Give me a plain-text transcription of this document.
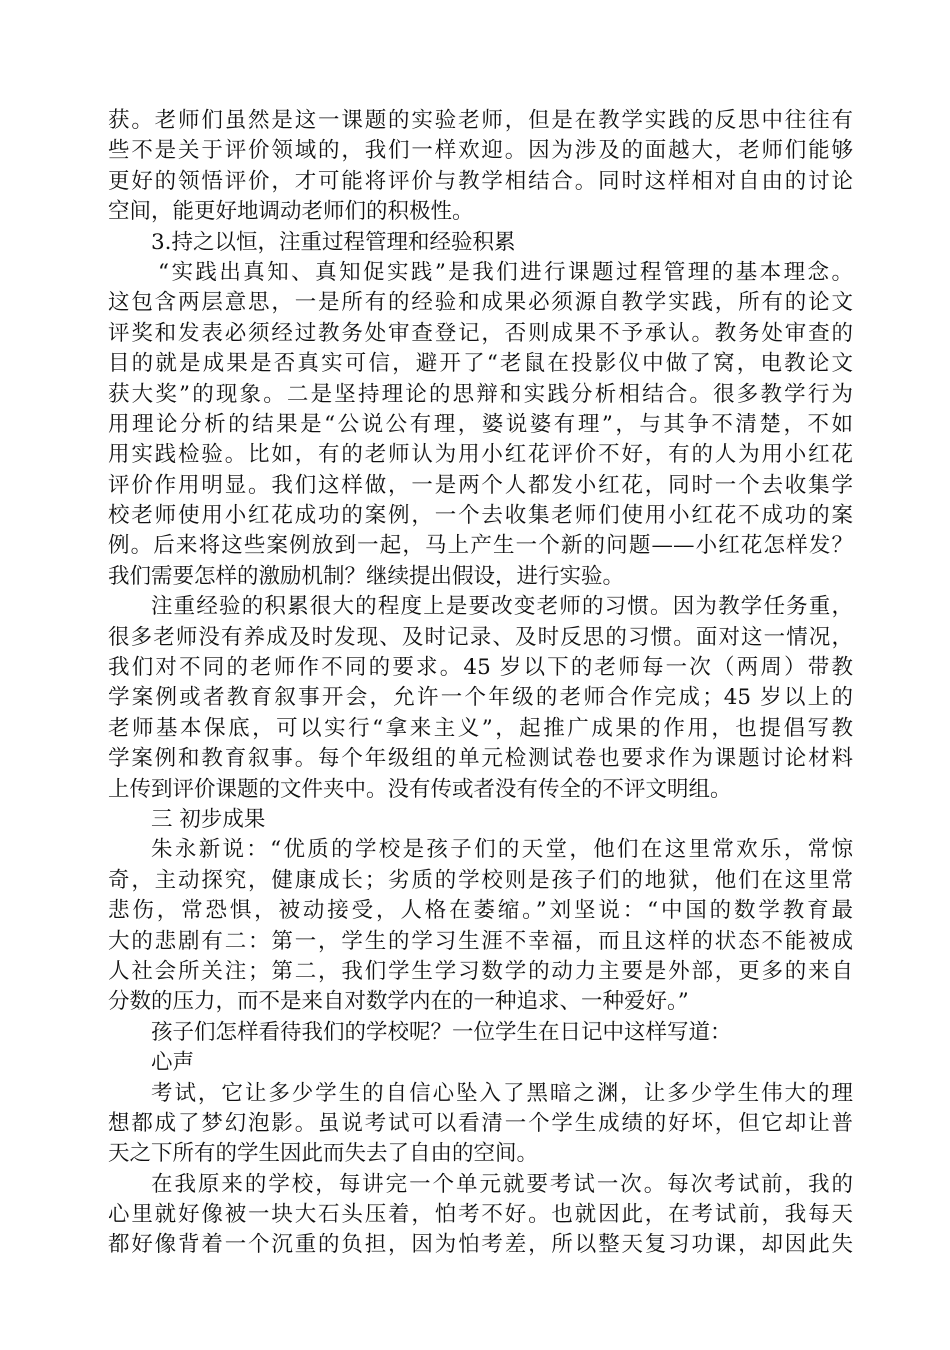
获。老师们虽然是这一课题的实验老师，但是在教学实践的反思中往往有
些不是关于评价领域的，我们一样欢迎。因为涉及的面越大，老师们能够
更好的领悟评价，才可能将评价与教学相结合。同时这样相对自由的讨论
空间，能更好地调动老师们的积极性。
3.持之以恒，注重过程管理和经验积累
“实践出真知、真知促实践”是我们进行课题过程管理的基本理念。
这包含两层意思，一是所有的经验和成果必须源自教学实践，所有的论文
评奖和发表必须经过教务处审查登记，否则成果不予承认。教务处审查的
目的就是成果是否真实可信，避开了“老鼠在投影仪中做了窝，电教论文
获大奖”的现象。二是坚持理论的思辩和实践分析相结合。很多教学行为
用理论分析的结果是“公说公有理，婆说婆有理”，与其争不清楚，不如
用实践检验。比如，有的老师认为用小红花评价不好，有的人为用小红花
评价作用明显。我们这样做，一是两个人都发小红花，同时一个去收集学
校老师使用小红花成功的案例，一个去收集老师们使用小红花不成功的案
例。后来将这些案例放到一起，马上产生一个新的问题——小红花怎样发？
我们需要怎样的激励机制？继续提出假设，进行实验。
注重经验的积累很大的程度上是要改变老师的习惯。因为教学任务重，
很多老师没有养成及时发现、及时记录、及时反思的习惯。面对这一情况，
我们对不同的老师作不同的要求。45 岁以下的老师每一次（两周）带教
学案例或者教育叙事开会，允许一个年级的老师合作完成；45 岁以上的
老师基本保底，可以实行“拿来主义”，起推广成果的作用，也提倡写教
学案例和教育叙事。每个年级组的单元检测试卷也要求作为课题讨论材料
上传到评价课题的文件夹中。没有传或者没有传全的不评文明组。
三 初步成果
朱永新说：“优质的学校是孩子们的天堂，他们在这里常欢乐，常惊
奇，主动探究，健康成长；劣质的学校则是孩子们的地狱，他们在这里常
悲伤，常恐惧，被动接受，人格在萎缩。”刘坚说：“中国的数学教育最
大的悲剧有二：第一，学生的学习生涯不幸福，而且这样的状态不能被成
人社会所关注；第二，我们学生学习数学的动力主要是外部，更多的来自
分数的压力，而不是来自对数学内在的一种追求、一种爱好。”
孩子们怎样看待我们的学校呢？一位学生在日记中这样写道：
心声
考试，它让多少学生的自信心坠入了黑暗之渊，让多少学生伟大的理
想都成了梦幻泡影。虽说考试可以看清一个学生成绩的好坏，但它却让普
天之下所有的学生因此而失去了自由的空间。
在我原来的学校，每讲完一个单元就要考试一次。每次考试前，我的
心里就好像被一块大石头压着，怕考不好。也就因此，在考试前，我每天
都好像背着一个沉重的负担，因为怕考差，所以整天复习功课，却因此失
